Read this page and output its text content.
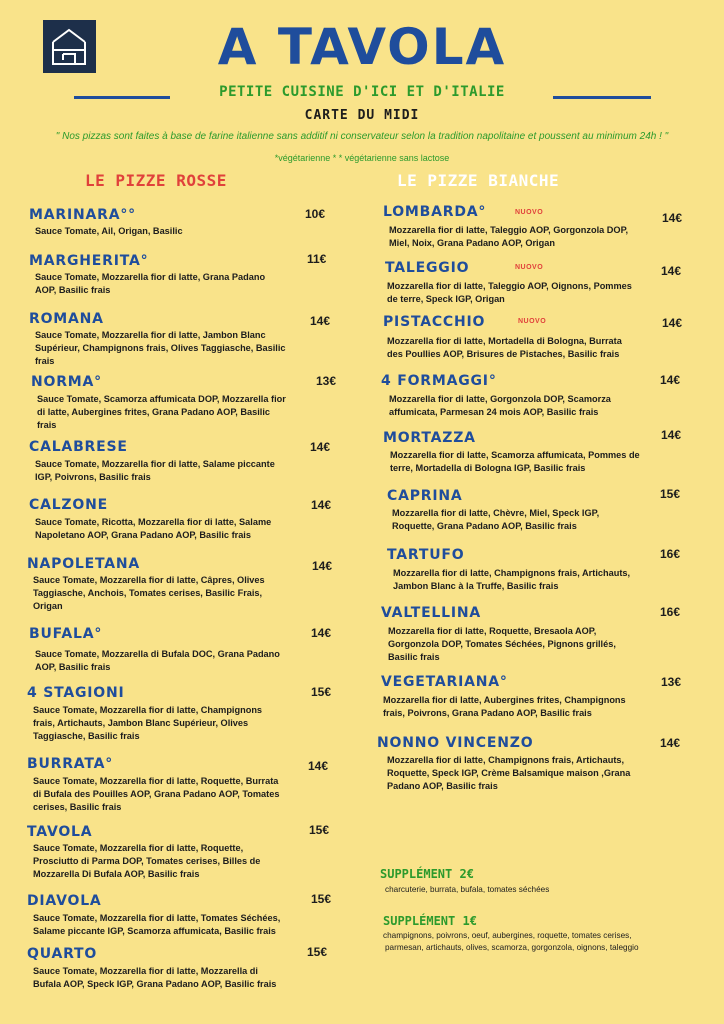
A TAVOLA
PETITE CUISINE D'ICI ET D'ITALIE
CARTE DU MIDI
" Nos pizzas sont faites à base de farine italienne sans additif ni conservateur selon la tradition napolitaine et poussent au minimum 24h ! "
*végétarienne * * végétarienne sans lactose
LE PIZZE ROSSE	LE PIZZE BIANCHE
MARINARA°°	10€
Sauce Tomate, Ail, Origan, Basilic
MARGHERITA°	11€
Sauce Tomate, Mozzarella fior di latte, Grana Padano
AOP, Basilic frais
ROMANA	14€
Sauce Tomate, Mozzarella fior di latte, Jambon Blanc
Supérieur, Champignons frais, Olives Taggiasche, Basilic
frais
NORMA°	13€
Sauce Tomate, Scamorza affumicata DOP, Mozzarella fior
di latte, Aubergines frites, Grana Padano AOP, Basilic
frais
CALABRESE	14€
Sauce Tomate, Mozzarella fior di latte, Salame piccante
IGP, Poivrons, Basilic frais
CALZONE	14€
Sauce Tomate, Ricotta, Mozzarella fior di latte, Salame
Napoletano AOP, Grana Padano AOP, Basilic frais
NAPOLETANA	14€
Sauce Tomate, Mozzarella fior di latte, Câpres, Olives
Taggiasche, Anchois, Tomates cerises, Basilic Frais,
Origan
BUFALA°	14€
Sauce Tomate, Mozzarella di Bufala DOC, Grana Padano
AOP, Basilic frais
4 STAGIONI	15€
Sauce Tomate, Mozzarella fior di latte, Champignons
frais, Artichauts, Jambon Blanc Supérieur, Olives
Taggiasche, Basilic frais
BURRATA°	14€
Sauce Tomate, Mozzarella fior di latte, Roquette, Burrata
di Bufala des Pouilles AOP, Grana Padano AOP, Tomates
cerises, Basilic frais
TAVOLA	15€
Sauce Tomate, Mozzarella fior di latte, Roquette,
Prosciutto di Parma DOP, Tomates cerises, Billes de
Mozzarella Di Bufala AOP, Basilic frais
DIAVOLA	15€
Sauce Tomate, Mozzarella fior di latte, Tomates Séchées,
Salame piccante IGP, Scamorza affumicata, Basilic frais
QUARTO	15€
Sauce Tomate, Mozzarella fior di latte, Mozzarella di
Bufala AOP, Speck IGP, Grana Padano AOP, Basilic frais
LOMBARDA°	NUOVO	14€
Mozzarella fior di latte, Taleggio AOP, Gorgonzola DOP,
Miel, Noix, Grana Padano AOP, Origan
TALEGGIO	NUOVO	14€
Mozzarella fior di latte, Taleggio AOP, Oignons, Pommes
de terre, Speck IGP, Origan
PISTACCHIO	NUOVO	14€
Mozzarella fior di latte, Mortadella di Bologna, Burrata
des Poullies AOP, Brisures de Pistaches, Basilic frais
4 FORMAGGI°	14€
Mozzarella fior di latte, Gorgonzola DOP, Scamorza
affumicata, Parmesan 24 mois AOP, Basilic frais
MORTAZZA	14€
Mozzarella fior di latte, Scamorza affumicata, Pommes de
terre, Mortadella di Bologna IGP, Basilic frais
CAPRINA	15€
Mozzarella fior di latte, Chèvre, Miel, Speck IGP,
Roquette, Grana Padano AOP, Basilic frais
TARTUFO	16€
Mozzarella fior di latte, Champignons frais, Artichauts,
Jambon Blanc à la Truffe, Basilic frais
VALTELLINA	16€
Mozzarella fior di latte, Roquette, Bresaola AOP,
Gorgonzola DOP, Tomates Séchées, Pignons grillés,
Basilic frais
VEGETARIANA°	13€
Mozzarella fior di latte, Aubergines frites, Champignons
frais, Poivrons, Grana Padano AOP, Basilic frais
NONNO VINCENZO	14€
Mozzarella fior di latte, Champignons frais, Artichauts,
Roquette, Speck IGP, Crème Balsamique maison ,Grana
Padano AOP, Basilic frais
SUPPLÉMENT 2€
charcuterie, burrata, bufala, tomates séchées
SUPPLÉMENT 1€
champignons, poivrons, oeuf, aubergines, roquette, tomates cerises,
parmesan, artichauts, olives, scamorza, gorgonzola, oignons, taleggio
